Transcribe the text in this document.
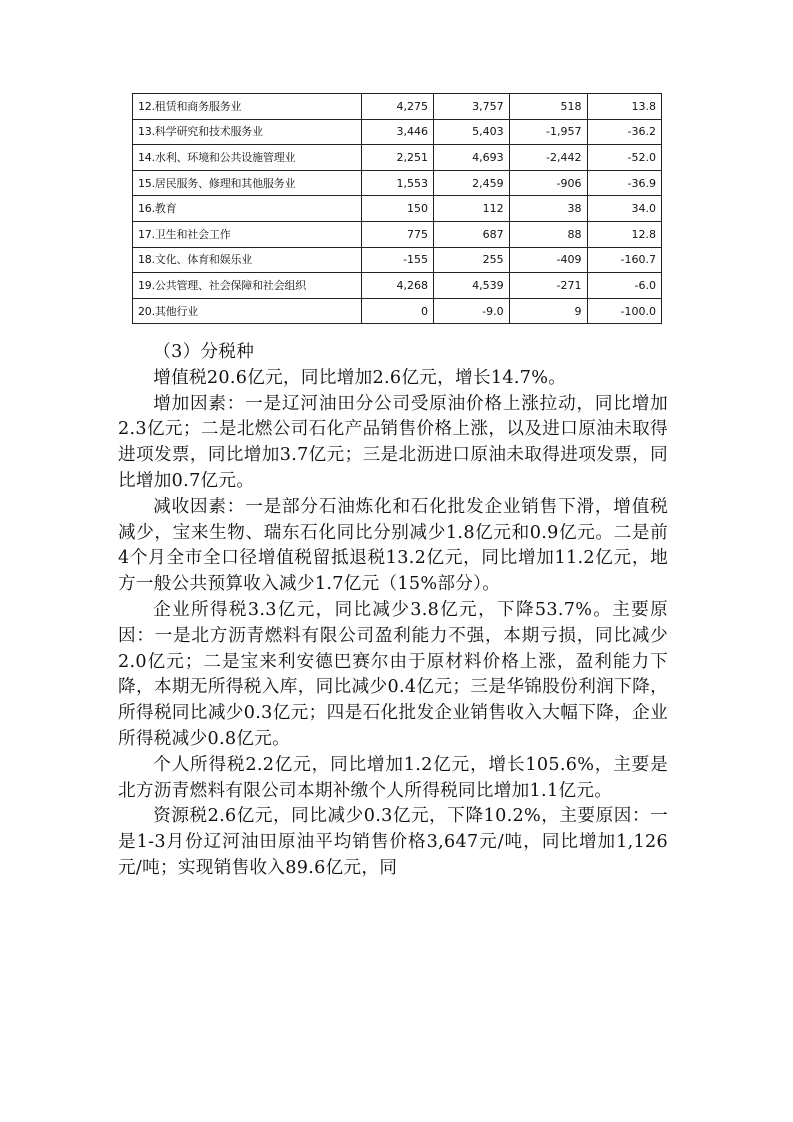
12.租赁和商务服务业	4,275	3,757	518	13.8
13.科学研究和技术服务业	3,446	5,403	-1,957	-36.2
14.水利、环境和公共设施管理业	2,251	4,693	-2,442	-52.0
15.居民服务、修理和其他服务业	1,553	2,459	-906	-36.9
16.教育	150	112	38	34.0
17.卫生和社会工作	775	687	88	12.8
18.文化、体育和娱乐业	-155	255	-409	-160.7
19.公共管理、社会保障和社会组织	4,268	4,539	-271	-6.0
20.其他行业	0	-9.0	9	-100.0

（3）分税种

增值税20.6亿元，同比增加2.6亿元，增长14.7%。

增加因素：一是辽河油田分公司受原油价格上涨拉动，同比增加2.3亿元；二是北燃公司石化产品销售价格上涨，以及进口原油未取得进项发票，同比增加3.7亿元；三是北沥进口原油未取得进项发票，同比增加0.7亿元。

减收因素：一是部分石油炼化和石化批发企业销售下滑，增值税减少，宝来生物、瑞东石化同比分别减少1.8亿元和0.9亿元。二是前4个月全市全口径增值税留抵退税13.2亿元，同比增加11.2亿元，地方一般公共预算收入减少1.7亿元（15%部分）。

企业所得税3.3亿元，同比减少3.8亿元，下降53.7%。主要原因：一是北方沥青燃料有限公司盈利能力不强，本期亏损，同比减少2.0亿元；二是宝来利安德巴赛尔由于原材料价格上涨，盈利能力下降，本期无所得税入库，同比减少0.4亿元；三是华锦股份利润下降，所得税同比减少0.3亿元；四是石化批发企业销售收入大幅下降，企业所得税减少0.8亿元。

个人所得税2.2亿元，同比增加1.2亿元，增长105.6%，主要是北方沥青燃料有限公司本期补缴个人所得税同比增加1.1亿元。

资源税2.6亿元，同比减少0.3亿元，下降10.2%，主要原因：一是1-3月份辽河油田原油平均销售价格3,647元/吨，同比增加1,126元/吨；实现销售收入89.6亿元，同
